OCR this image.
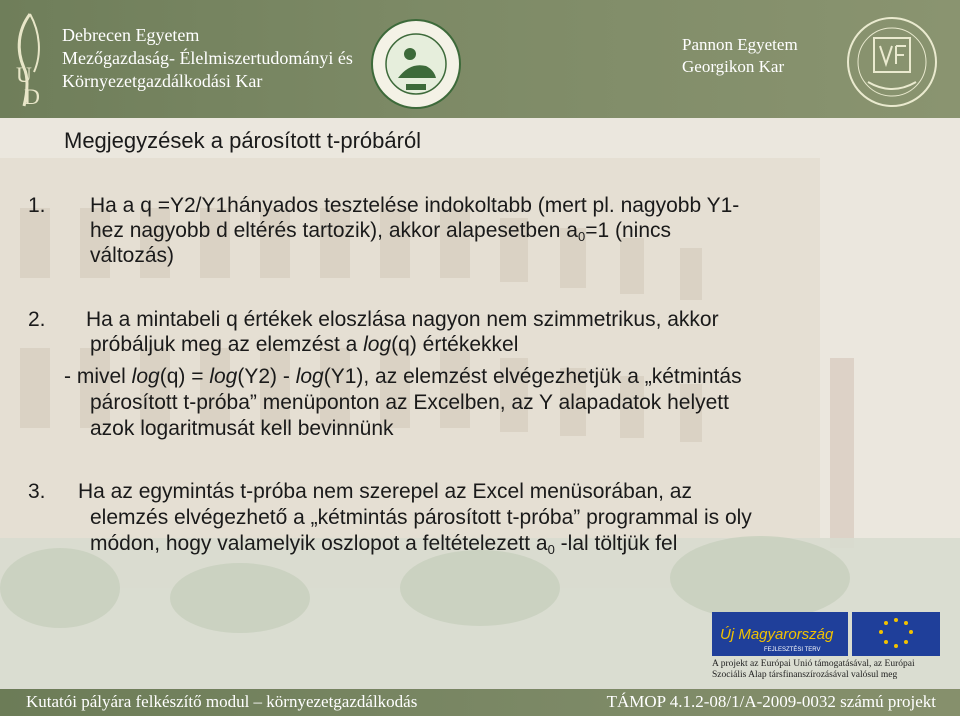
U
D
Debrecen Egyetem
Mezőgazdaság- Élelmiszertudományi és
Környezetgazdálkodási Kar
Pannon Egyetem
Georgikon Kar
Megjegyzések a párosított t-próbáról
1. Ha a q =Y2/Y1hányados tesztelése indokoltabb (mert pl. nagyobb Y1-
hez nagyobb d eltérés tartozik), akkor alapesetben $a_0=1$ (nincs
változás)
2. Ha a mintabeli q értékek eloszlása nagyon nem szimmetrikus, akkor
próbáljuk meg az elemzést a log(q) értékekkel
- mivel log(q) = log(Y2) - log(Y1), az elemzést elvégezhetjük a „kétmintás
párosított t-próba” menüponton az Excelben, az Y alapadatok helyett
azok logaritmusát kell bevinnünk
3. Ha az egymintás t-próba nem szerepel az Excel menüsorában, az
elemzés elvégezhető a „kétmintás párosított t-próba” programmal is oly
módon, hogy valamelyik oszlopot a feltételezett $a_0$ -lal töltjük fel
Új Magyarország
FEJLESZTÉSI TERV
A projekt az Európai Unió támogatásával, az Európai
Szociális Alap társfinanszírozásával valósul meg
Kutatói pályára felkészítő modul – környezetgazdálkodás	TÁMOP 4.1.2-08/1/A-2009-0032 számú projekt
